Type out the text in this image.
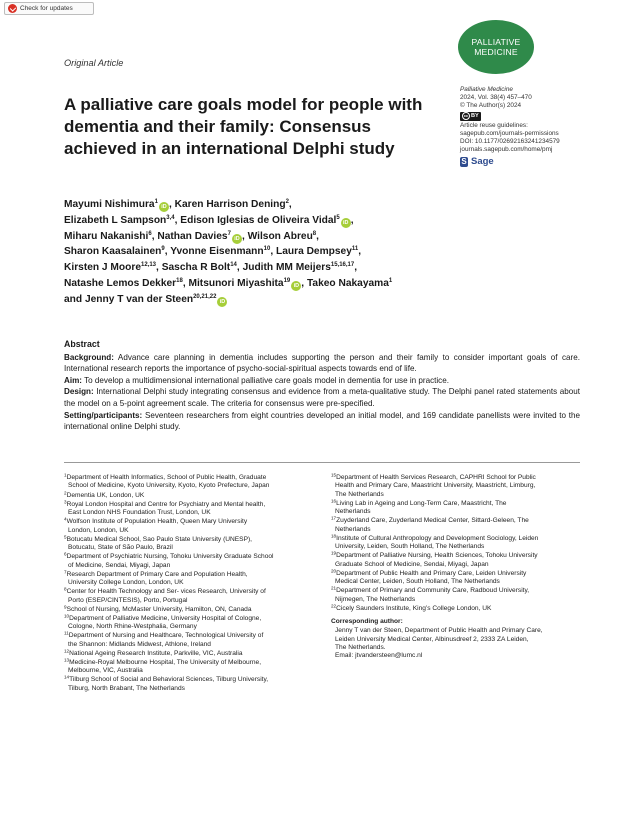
Check for updates
PALLIATIVE
MEDICINE
Original Article
A palliative care goals model for people with dementia and their family: Consensus achieved in an international Delphi study
Palliative Medicine
2024, Vol. 38(4) 457–470
© The Author(s) 2024
cc BY
Article reuse guidelines:
sagepub.com/journals-permissions
DOI: 10.1177/02692163241234579
journals.sagepub.com/home/pmj
S Sage
Mayumi Nishimura$^1$iD , Karen Harrison Dening$^2$,
Elizabeth L Sampson$^{3,4}$, Edison Iglesias de Oliveira Vidal$^5$iD ,
Miharu Nakanishi$^6$, Nathan Davies$^7$iD , Wilson Abreu$^8$,
Sharon Kaasalainen$^9$, Yvonne Eisenmann$^{10}$, Laura Dempsey$^{11}$,
Kirsten J Moore$^{12,13}$, Sascha R Bolt$^{14}$, Judith MM Meijers$^{15,16,17}$,
Natashe Lemos Dekker$^{18}$, Mitsunori Miyashita$^{19}$iD , Takeo Nakayama$^1$
and Jenny T van der Steen$^{20,21,22}$iD
Abstract

Background: Advance care planning in dementia includes supporting the person and their family to consider important goals of care. International research reports the importance of psycho-social-spiritual aspects towards end of life.

Aim: To develop a multidimensional international palliative care goals model in dementia for use in practice.

Design: International Delphi study integrating consensus and evidence from a meta-qualitative study. The Delphi panel rated statements about the model on a 5-point agreement scale. The criteria for consensus were pre-specified.

Setting/participants: Seventeen researchers from eight countries developed an initial model, and 169 candidate panellists were invited to the international online Delphi study.

$^1$Department of Health Informatics, School of Public Health, Graduate
School of Medicine, Kyoto University, Kyoto, Kyoto Prefecture, Japan
$^2$Dementia UK, London, UK
$^3$Royal London Hospital and Centre for Psychiatry and Mental health,
East London NHS Foundation Trust, London, UK
$^4$Wolfson Institute of Population Health, Queen Mary University
London, London, UK
$^5$Botucatu Medical School, Sao Paulo State University (UNESP),
Botucatu, State of São Paulo, Brazil
$^6$Department of Psychiatric Nursing, Tohoku University Graduate School
of Medicine, Sendai, Miyagi, Japan
$^7$Research Department of Primary Care and Population Health,
University College London, London, UK
$^8$Center for Health Technology and Ser- vices Research, University of
Porto (ESEP/CINTESIS), Porto, Portugal
$^9$School of Nursing, McMaster University, Hamilton, ON, Canada
$^{10}$Department of Palliative Medicine, University Hospital of Cologne,
Cologne, North Rhine-Westphalia, Germany
$^{11}$Department of Nursing and Healthcare, Technological University of
the Shannon: Midlands Midwest, Athlone, Ireland
$^{12}$National Ageing Research Institute, Parkville, VIC, Australia
$^{13}$Medicine-Royal Melbourne Hospital, The University of Melbourne,
Melbourne, VIC, Australia
$^{14}$Tilburg School of Social and Behavioral Sciences, Tilburg University,
Tilburg, North Brabant, The Netherlands
$^{15}$Department of Health Services Research, CAPHRI School for Public
Health and Primary Care, Maastricht University, Maastricht, Limburg,
The Netherlands
$^{16}$Living Lab in Ageing and Long-Term Care, Maastricht, The
Netherlands
$^{17}$Zuyderland Care, Zuyderland Medical Center, Sittard-Geleen, The
Netherlands
$^{18}$Institute of Cultural Anthropology and Development Sociology, Leiden
University, Leiden, South Holland, The Netherlands
$^{19}$Department of Palliative Nursing, Health Sciences, Tohoku University
Graduate School of Medicine, Sendai, Miyagi, Japan
$^{20}$Department of Public Health and Primary Care, Leiden University
Medical Center, Leiden, South Holland, The Netherlands
$^{21}$Department of Primary and Community Care, Radboud University,
Nijmegen, The Netherlands
$^{22}$Cicely Saunders Institute, King’s College London, UK
Corresponding author:
Jenny T van der Steen, Department of Public Health and Primary Care,
Leiden University Medical Center, Albinusdreef 2, 2333 ZA Leiden,
The Netherlands.
Email: jtvandersteen@lumc.nl
